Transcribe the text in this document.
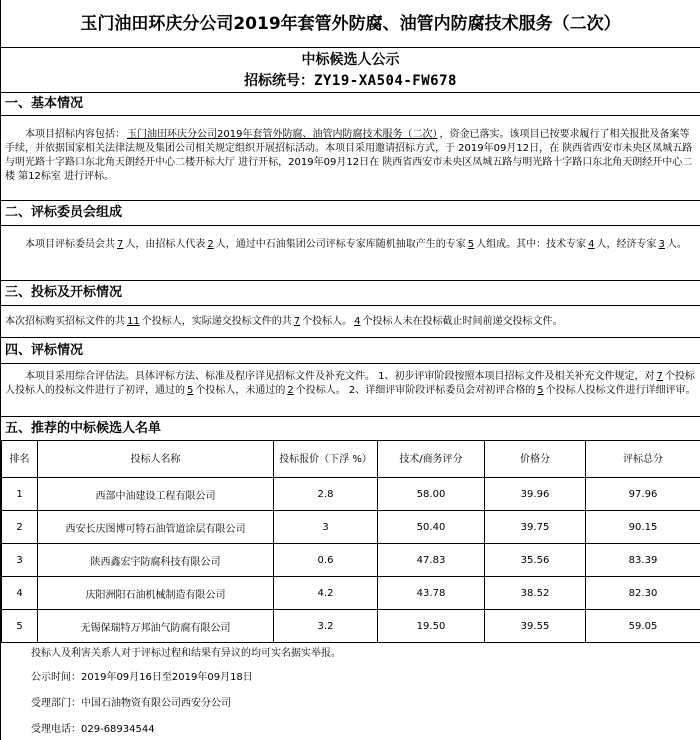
玉门油田环庆分公司2019年套管外防腐、油管内防腐技术服务（二次）
中标候选人公示
招标统号：ZY19-XA504-FW678
一、基本情况
本项目招标内容包括： 玉门油田环庆分公司2019年套管外防腐、油管内防腐技术服务（二次） ，资金已落实。该项目已按要求履行了相关报批及备案等手续，并依据国家相关法律法规及集团公司相关规定组织开展招标活动。本项目采用邀请招标方式，于 2019年09月12日，在 陕西省西安市未央区凤城五路与明光路十字路口东北角天朗经开中心二楼开标大厅 进行开标，2019年09月12日在 陕西省西安市未央区凤城五路与明光路十字路口东北角天朗经开中心二楼 第12标室 进行评标。
二、评标委员会组成
本项目评标委员会共 7 人，由招标人代表 2 人，通过中石油集团公司评标专家库随机抽取产生的专家 5 人组成。其中：技术专家 4 人，经济专家 3 人。
三、投标及开标情况
本次招标购买招标文件的共 11 个投标人，实际递交投标文件的共 7 个投标人。 4 个投标人未在投标截止时间前递交投标文件。
四、评标情况
本项目采用综合评估法。具体评标方法、标准及程序详见招标文件及补充文件。 1、初步评审阶段按照本项目招标文件及相关补充文件规定，对 7 个投标人投标人的投标文件进行了初评，通过的 5 个投标人，未通过的 2 个投标人。 2、详细评审阶段评标委员会对初评合格的 5 个投标人投标文件进行详细评审。
五、推荐的中标候选人名单
排名	投标人名称	投标报价（下浮 %）	技术/商务评分	价格分	评标总分
1	西部中油建设工程有限公司	2.8	58.00	39.96	97.96
2	西安长庆图博可特石油管道涂层有限公司	3	50.40	39.75	90.15
3	陕西鑫宏宇防腐科技有限公司	0.6	47.83	35.56	83.39
4	庆阳洲阳石油机械制造有限公司	4.2	43.78	38.52	82.30
5	无锡保瑞特万邦油气防腐有限公司	3.2	19.50	39.55	59.05
投标人及利害关系人对于评标过程和结果有异议的均可实名据实举报。
公示时间：2019年09月16日至2019年09月18日
受理部门：中国石油物资有限公司西安分公司
受理电话：029-68934544
